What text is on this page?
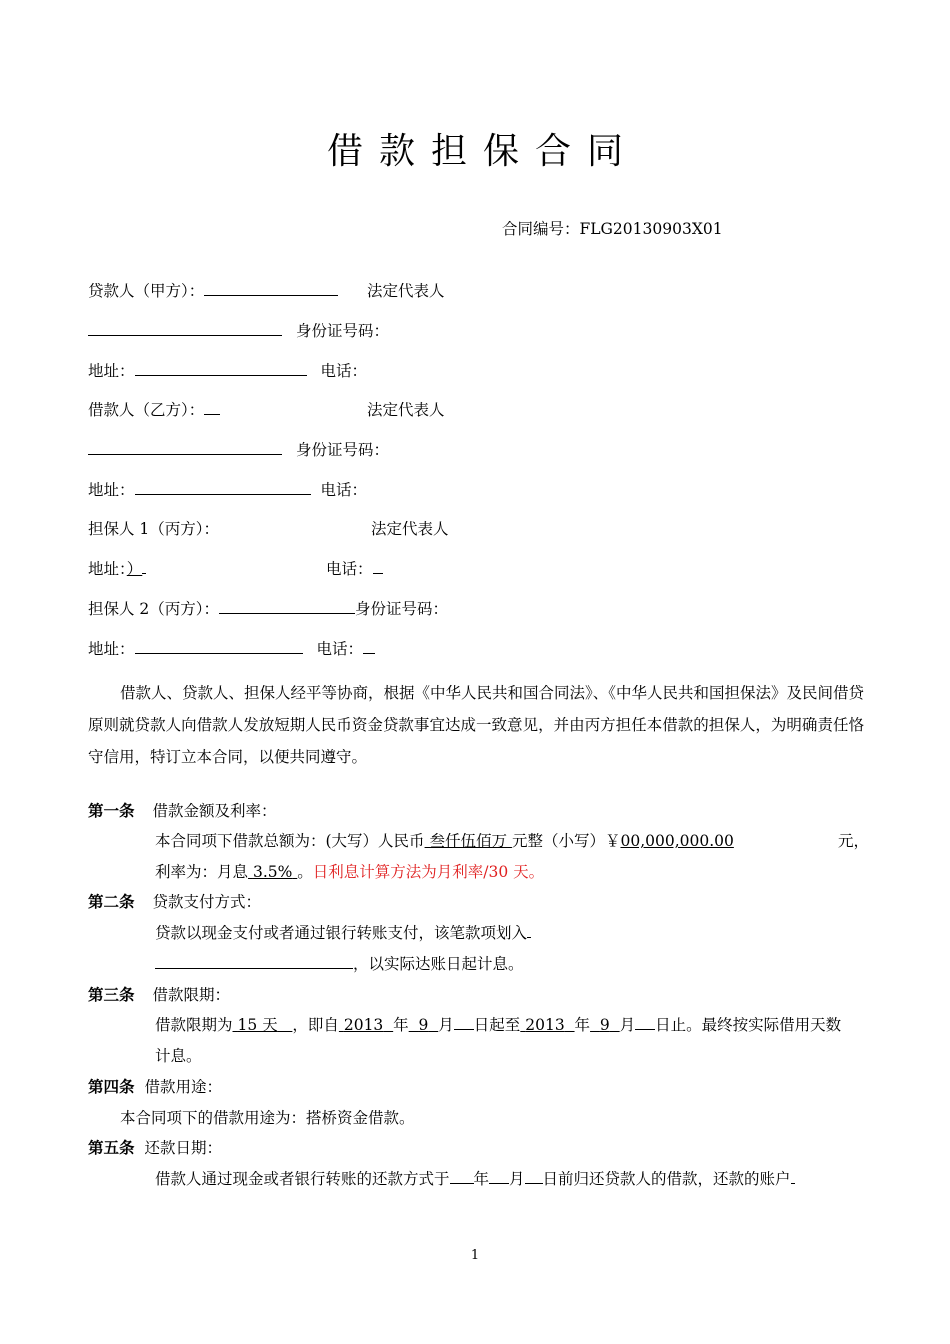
借款担保合同
合同编号：FLG20130903X01
贷款人（甲方）：	法定代表人
身份证号码：
地址：	电话：
借款人（乙方）：	法定代表人
身份证号码：
地址：	电话：
担保人 1（丙方）：	法定代表人
地址：）	电话：
担保人 2（丙方）：	身份证号码：
地址：	电话：
借款人、贷款人、担保人经平等协商，根据《中华人民共和国合同法》、《中华人民共和国担保法》及民间借贷原则就贷款人向借款人发放短期人民币资金贷款事宜达成一致意见，并由丙方担任本借款的担保人，为明确责任恪守信用，特订立本合同，以便共同遵守。
第一条 借款金额及利率：
本合同项下借款总额为：(大写）人民币 叁仟伍佰万 元整（小写）￥00,000,000.00	元，
利率为：月息 3.5% 。日利息计算方法为月利率/30 天。
第二条 贷款支付方式：
贷款以现金支付或者通过银行转账支付，该笔款项划入
，以实际达账日起计息。
第三条 借款限期：
借款限期为 15 天 ，即自 2013 年 9 月 日起至 2013 年 9 月 日止。最终按实际借用天数
计息。
第四条 借款用途：
本合同项下的借款用途为：搭桥资金借款。
第五条 还款日期：
借款人通过现金或者银行转账的还款方式于 年 月 日前归还贷款人的借款，还款的账户
1
